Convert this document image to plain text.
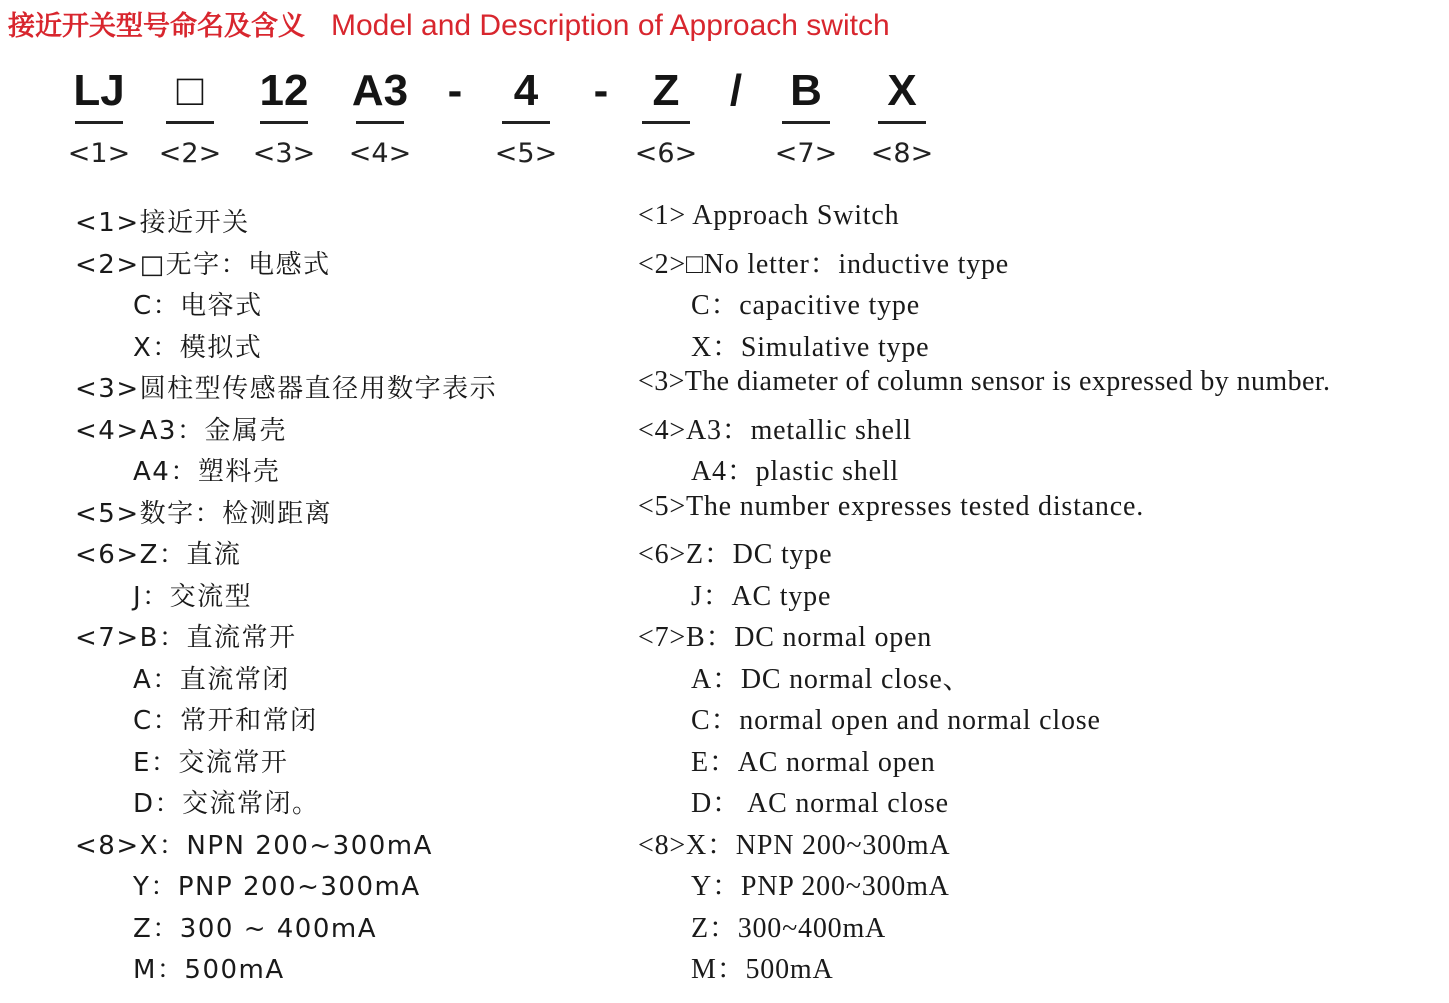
接近开关型号命名及含义 Model and Description of Approach switch
LJ □ 12 A3 - 4 - Z / B X
<1> <2> <3> <4>	<5>	<6>	<7> <8>
<1>接近开关
<2>□无字：电感式
C：电容式
X：模拟式
<3>圆柱型传感器直径用数字表示
<4>A3：金属壳
A4：塑料壳
<5>数字：检测距离
<6>Z：直流
J：交流型
<7>B：直流常开
A：直流常闭
C：常开和常闭
E：交流常开
D：交流常闭。
<8>X：NPN 200~300mA
Y：PNP 200~300mA
Z：300 ~ 400mA
M：500mA
<1> Approach Switch
<2>□No letter：inductive type
C：capacitive type
X：Simulative type
<3>The diameter of column sensor is expressed by number.
<4>A3：metallic shell
A4：plastic shell
<5>The number expresses tested distance.
<6>Z：DC type
J：AC type
<7>B：DC normal open
A：DC normal close、
C：normal open and normal close
E：AC normal open
D： AC normal close
<8>X：NPN 200~300mA
Y：PNP 200~300mA
Z：300~400mA
M：500mA
